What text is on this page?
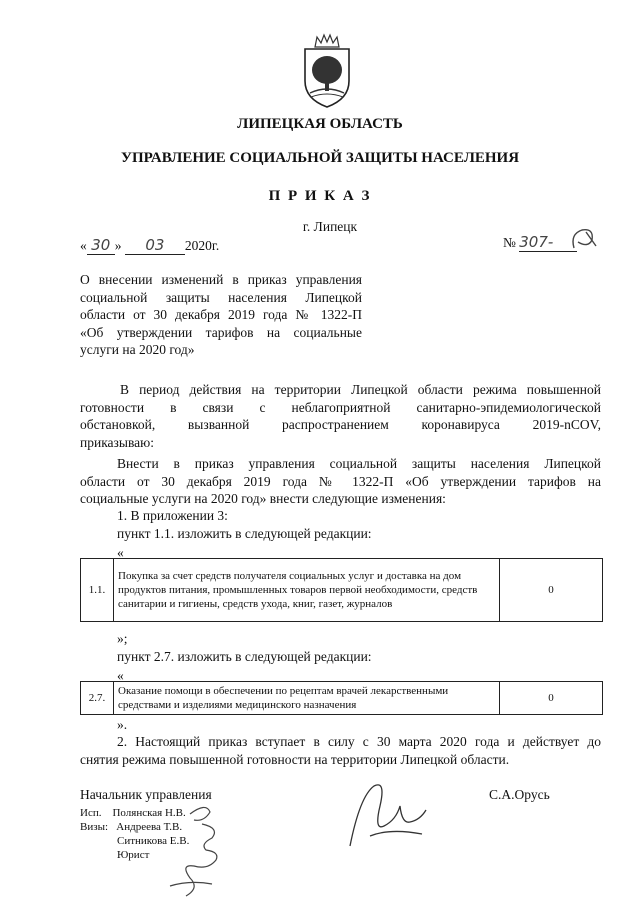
ЛИПЕЦКАЯ ОБЛАСТЬ
УПРАВЛЕНИЕ СОЦИАЛЬНОЙ ЗАЩИТЫ НАСЕЛЕНИЯ
П Р И К А З
г. Липецк
« 30 » 03 2020г.	№ 307-
О внесении изменений в приказ управления
социальной защиты населения Липецкой
области от 30 декабря 2019 года № 1322-П
«Об утверждении тарифов на социальные
услуги на 2020 год»
В период действия на территории Липецкой области режима повышенной
готовности в связи с неблагоприятной санитарно-эпидемиологической
обстановкой, вызванной распространением коронавируса 2019-nCOV,
приказываю:
Внести в приказ управления социальной защиты населения Липецкой
области от 30 декабря 2019 года № 1322-П «Об утверждении тарифов на
социальные услуги на 2020 год» внести следующие изменения:
1. В приложении 3:
пункт 1.1. изложить в следующей редакции:
«
1.1.	Покупка за счет средств получателя социальных услуг и доставка на дом продуктов питания, промышленных товаров первой необходимости, средств санитарии и гигиены, средств ухода, книг, газет, журналов	0
»;
пункт 2.7. изложить в следующей редакции:
«
2.7.	Оказание помощи в обеспечении по рецептам врачей лекарственными средствами и изделиями медицинского назначения	0
».
2. Настоящий приказ вступает в силу с 30 марта 2020 года и действует до
снятия режима повышенной готовности на территории Липецкой области.
Начальник управления	С.А.Орусь
Исп. Полянская Н.В.
Визы: Андреева Т.В.
Ситникова Е.В.
Юрист
